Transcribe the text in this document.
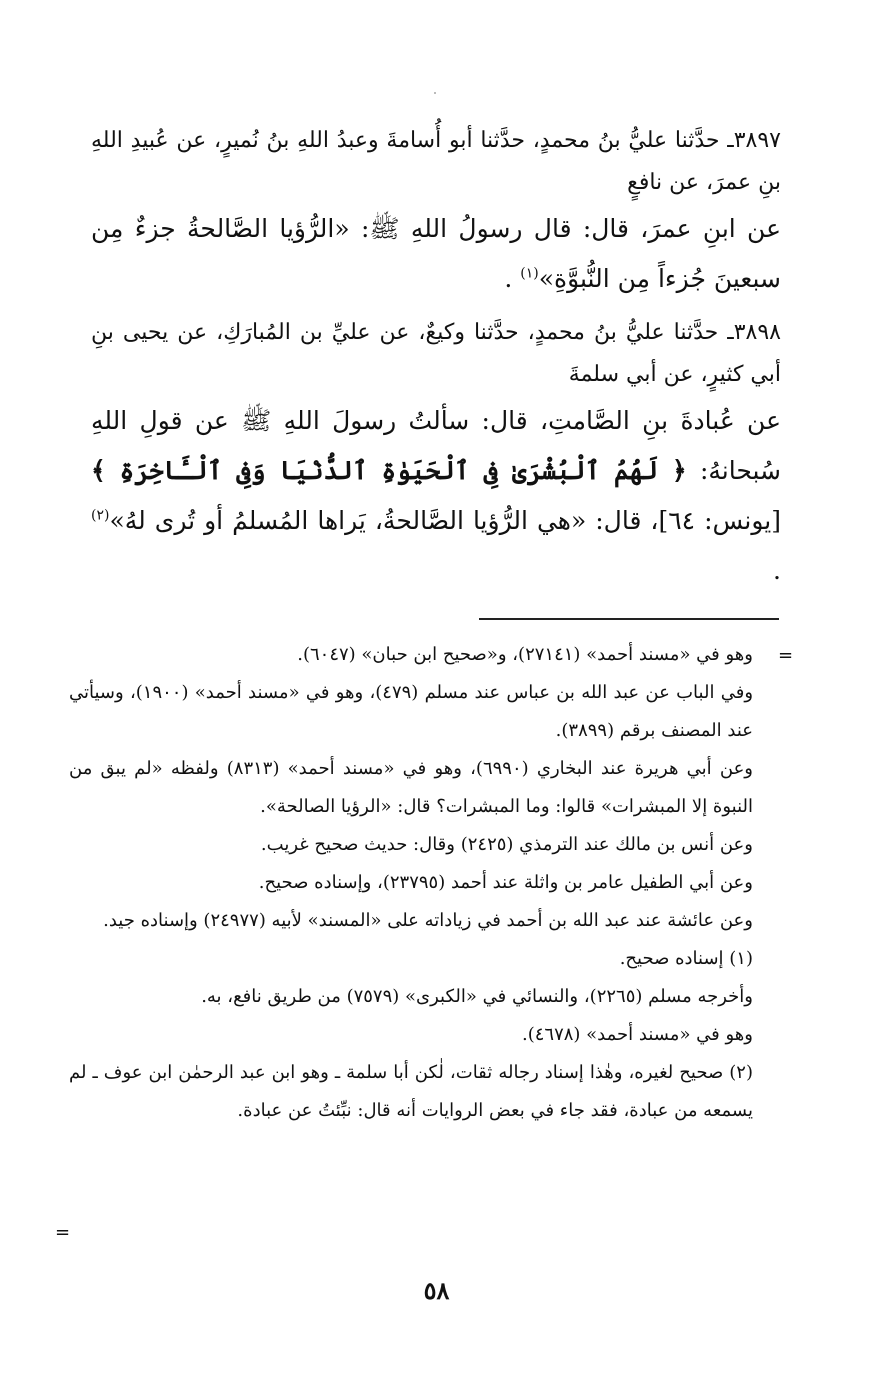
٣٨٩٧ـ حدَّثنا عليُّ بنُ محمدٍ، حدَّثنا أبو أُسامةَ وعبدُ اللهِ بنُ نُميرٍ، عن عُبيدِ اللهِ بنِ عمرَ، عن نافعٍ

عن ابنِ عمرَ، قال: قال رسولُ اللهِ ﷺ: «الرُّؤيا الصَّالحةُ جزءٌ مِن سبعينَ جُزءاً مِن النُّبوَّةِ»$^{(١)}$ .

٣٨٩٨ـ حدَّثنا عليُّ بنُ محمدٍ، حدَّثنا وكيعٌ، عن عليِّ بن المُبارَكِ، عن يحيى بنِ أبي كثيرٍ، عن أبي سلمةَ

عن عُبادةَ بنِ الصَّامتِ، قال: سألتُ رسولَ اللهِ ﷺ عن قولِ اللهِ سُبحانهُ: ﴿ لَهُمُ ٱلْبُشْرَىٰ فِى ٱلْحَيَوٰةِ ٱلدُّنْيَا وَفِى ٱلْـَٔاخِرَةِ ﴾ [يونس: ٦٤]، قال: «هي الرُّؤيا الصَّالحةُ، يَراها المُسلمُ أو تُرى لهُ»$^{(٢)}$ .

=

وهو في «مسند أحمد» (٢٧١٤١)، و«صحيح ابن حبان» (٦٠٤٧).

وفي الباب عن عبد الله بن عباس عند مسلم (٤٧٩)، وهو في «مسند أحمد» (١٩٠٠)، وسيأتي عند المصنف برقم (٣٨٩٩).

وعن أبي هريرة عند البخاري (٦٩٩٠)، وهو في «مسند أحمد» (٨٣١٣) ولفظه «لم يبق من النبوة إلا المبشرات» قالوا: وما المبشرات؟ قال: «الرؤيا الصالحة».

وعن أنس بن مالك عند الترمذي (٢٤٢٥) وقال: حديث صحيح غريب.

وعن أبي الطفيل عامر بن واثلة عند أحمد (٢٣٧٩٥)، وإسناده صحيح.

وعن عائشة عند عبد الله بن أحمد في زياداته على «المسند» لأبيه (٢٤٩٧٧) وإسناده جيد.

(١) إسناده صحيح.

وأخرجه مسلم (٢٢٦٥)، والنسائي في «الكبرى» (٧٥٧٩) من طريق نافع، به.

وهو في «مسند أحمد» (٤٦٧٨).

(٢) صحيح لغيره، وهٰذا إسناد رجاله ثقات، لٰكن أبا سلمة ـ وهو ابن عبد الرحمٰن ابن عوف ـ لم يسمعه من عبادة، فقد جاء في بعض الروايات أنه قال: نبِّئتُ عن عبادة.

=
٥٨
